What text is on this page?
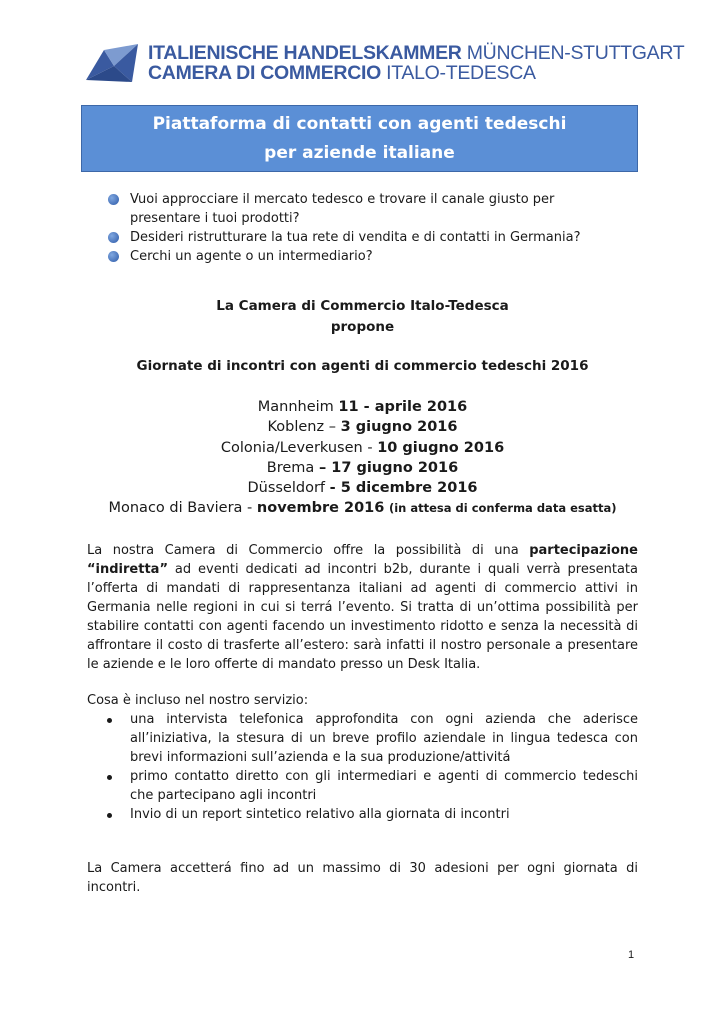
ITALIENISCHE HANDELSKAMMER MÜNCHEN-STUTTGART
CAMERA DI COMMERCIO ITALO-TEDESCA
Piattaforma di contatti con agenti tedeschi
per aziende italiane
Vuoi approcciare il mercato tedesco e trovare il canale giusto per presentare i tuoi prodotti?
Desideri ristrutturare la tua rete di vendita e di contatti in Germania?
Cerchi un agente o un intermediario?
La Camera di Commercio Italo-Tedesca
propone
Giornate di incontri con agenti di commercio tedeschi 2016
Mannheim 11 - aprile 2016
Koblenz – 3 giugno 2016
Colonia/Leverkusen - 10 giugno 2016
Brema – 17 giugno 2016
Düsseldorf - 5 dicembre 2016
Monaco di Baviera - novembre 2016 (in attesa di conferma data esatta)

La nostra Camera di Commercio offre la possibilità di una partecipazione “indiretta” ad eventi dedicati ad incontri b2b, durante i quali verrà presentata l’offerta di mandati di rappresentanza italiani ad agenti di commercio attivi in Germania nelle regioni in cui si terrá l’evento. Si tratta di un’ottima possibilità per stabilire contatti con agenti facendo un investimento ridotto e senza la necessità di affrontare il costo di trasferte all’estero: sarà infatti il nostro personale a presentare le aziende e le loro offerte di mandato presso un Desk Italia.

Cosa è incluso nel nostro servizio:

una intervista telefonica approfondita con ogni azienda che aderisce all’iniziativa, la stesura di un breve profilo aziendale in lingua tedesca con brevi informazioni sull’azienda e la sua produzione/attivitá
primo contatto diretto con gli intermediari e agenti di commercio tedeschi che partecipano agli incontri
Invio di un report sintetico relativo alla giornata di incontri

La Camera accetterá fino ad un massimo di 30 adesioni per ogni giornata di incontri.

1
